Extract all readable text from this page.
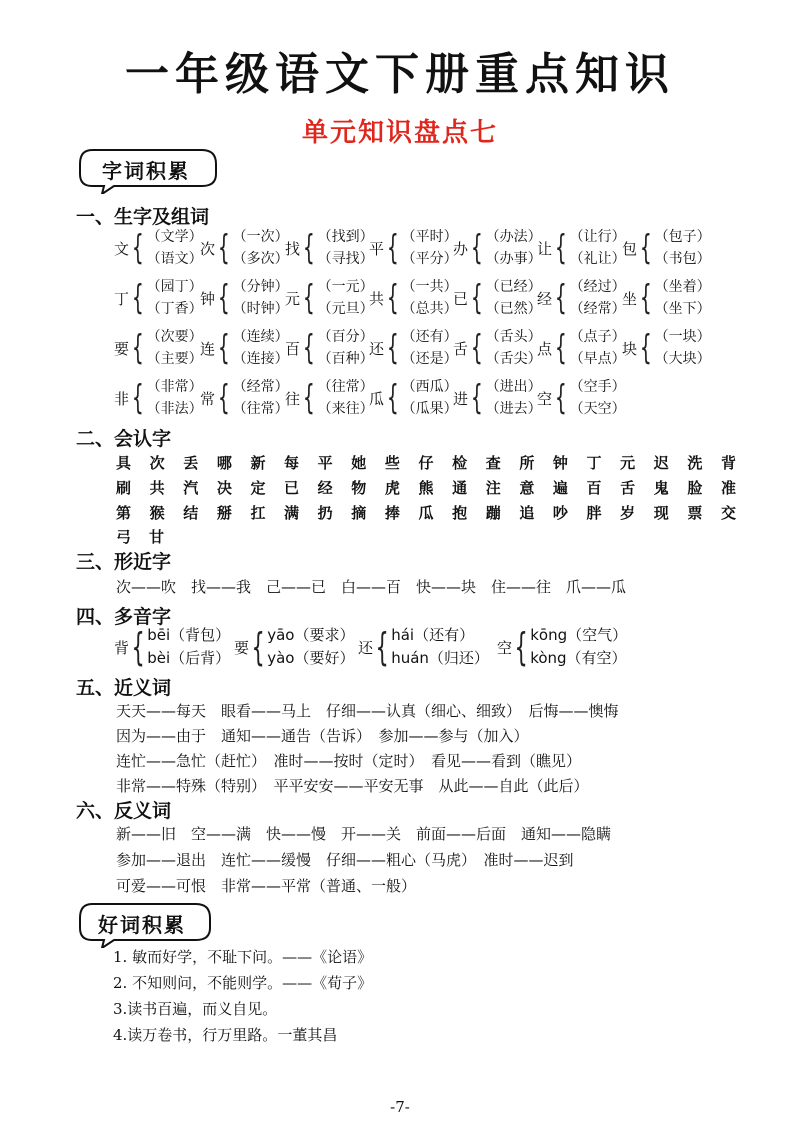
一年级语文下册重点知识
单元知识盘点七
字词积累
一、生字及组词
文 { （文学）
（语文）
次 { （一次）
（多次）
找 { （找到）
（寻找）
平 { （平时）
（平分）
办 { （办法）
（办事）
让 { （让行）
（礼让）
包 { （包子）
（书包）
丁 { （园丁）
（丁香）
钟 { （分钟）
（时钟）
元 { （一元）
（元旦）
共 { （一共）
（总共）
已 { （已经）
（已然）
经 { （经过）
（经常）
坐 { （坐着）
（坐下）
要 { （次要）
（主要）
连 { （连续）
（连接）
百 { （百分）
（百种）
还 { （还有）
（还是）
舌 { （舌头）
（舌尖）
点 { （点子）
（早点）
块 { （一块）
（大块）
非 { （非常）
（非法）
常 { （经常）
（往常）
往 { （往常）
（来往）
瓜 { （西瓜）
（瓜果）
进 { （进出）
（进去）
空 { （空手）
（天空）
二、会认字
具 次 丢 哪 新 每 平 她 些 仔 检 查 所 钟 丁 元 迟 洗 背
刷 共 汽 决 定 已 经 物 虎 熊 通 注 意 遍 百 舌 鬼 脸 准
第 猴 结 掰 扛 满 扔 摘 捧 瓜 抱 蹦 追 吵 胖 岁 现 票 交
弓 甘
三、形近字
次——吹　找——我　己——已　白——百　快——块　住——往　爪——瓜
四、多音字
背 { bēi（背包）
bèi（后背）
要 { yāo（要求）
yào（要好）
还 { hái（还有）
huán（归还）
空 { kōng（空气）
kòng（有空）
五、近义词
天天——每天　眼看——马上　仔细——认真（细心、细致）　后悔——懊悔
因为——由于　通知——通告（告诉）　参加——参与（加入）
连忙——急忙（赶忙）　准时——按时（定时）　看见——看到（瞧见）
非常——特殊（特别）　平平安安——平安无事　从此——自此（此后）
六、反义词
新——旧　空——满　快——慢　开——关　前面——后面　通知——隐瞒
参加——退出　连忙——缓慢　仔细——粗心（马虎）　准时——迟到
可爱——可恨　非常——平常（普通、一般）
好词积累
1. 敏而好学，不耻下问。——《论语》
2. 不知则问，不能则学。——《荀子》
3.读书百遍，而义自见。
4.读万卷书，行万里路。一董其昌
-7-
